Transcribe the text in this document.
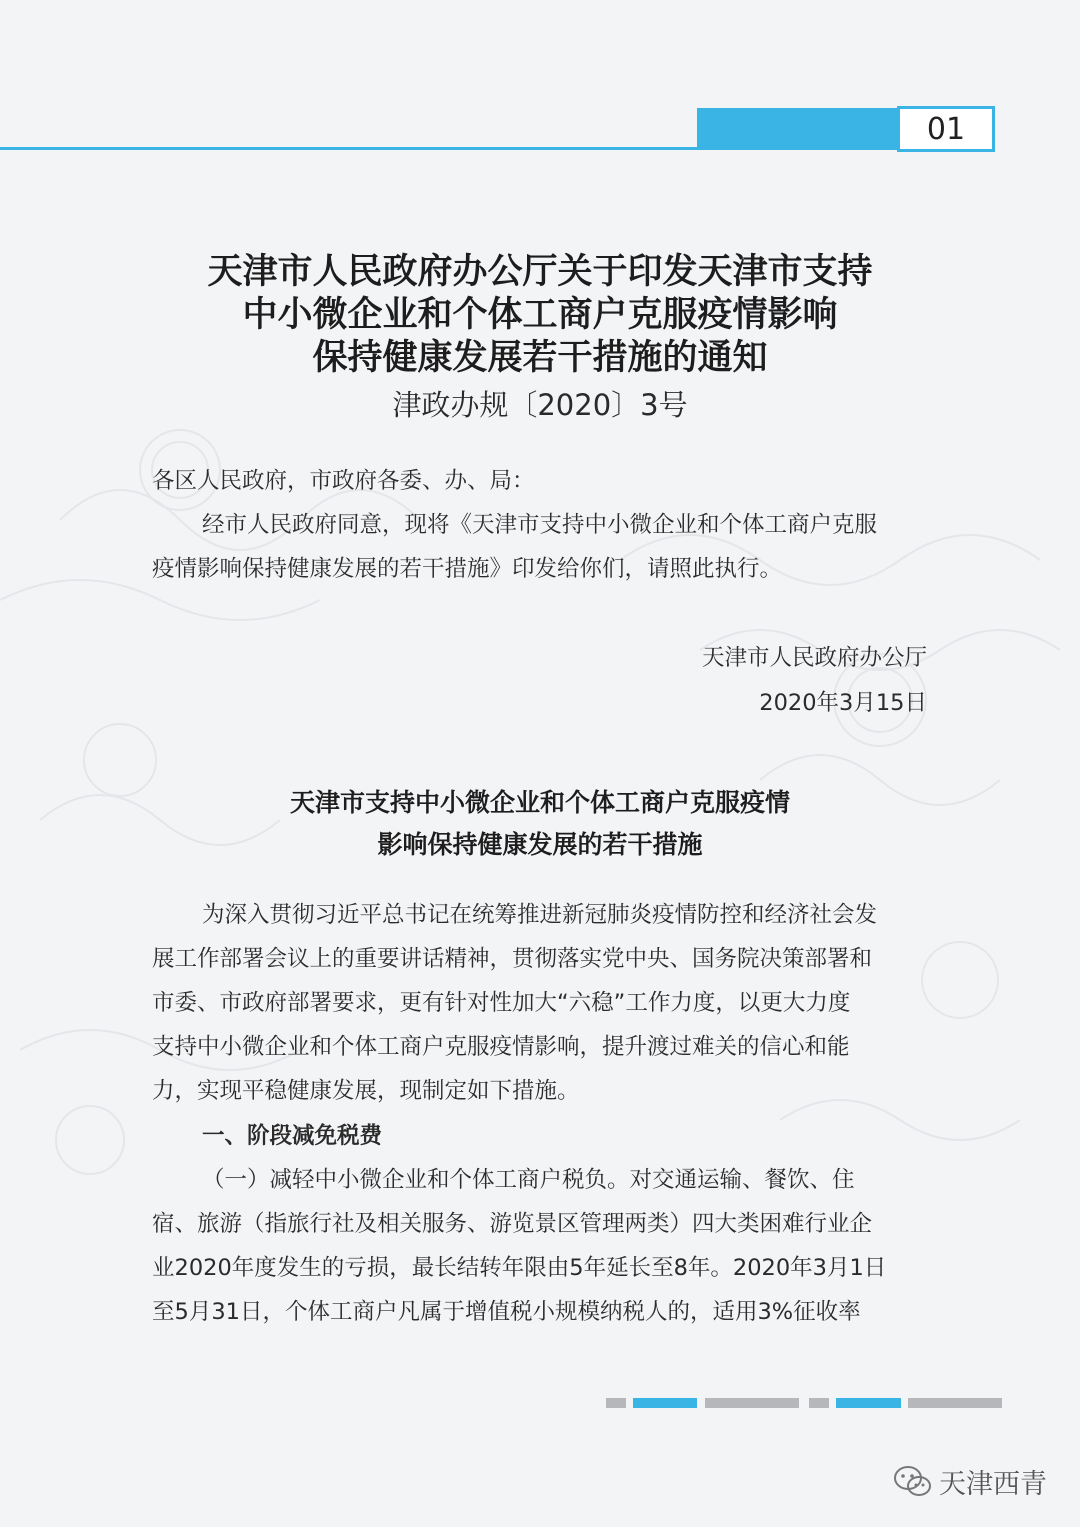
01
天津市人民政府办公厅关于印发天津市支持
中小微企业和个体工商户克服疫情影响
保持健康发展若干措施的通知
津政办规〔2020〕3号
各区人民政府，市政府各委、办、局：
经市人民政府同意，现将《天津市支持中小微企业和个体工商户克服
疫情影响保持健康发展的若干措施》印发给你们，请照此执行。
天津市人民政府办公厅
2020年3月15日
天津市支持中小微企业和个体工商户克服疫情
影响保持健康发展的若干措施
为深入贯彻习近平总书记在统筹推进新冠肺炎疫情防控和经济社会发
展工作部署会议上的重要讲话精神，贯彻落实党中央、国务院决策部署和
市委、市政府部署要求，更有针对性加大“六稳”工作力度，以更大力度
支持中小微企业和个体工商户克服疫情影响，提升渡过难关的信心和能
力，实现平稳健康发展，现制定如下措施。
一、阶段减免税费
（一）减轻中小微企业和个体工商户税负。对交通运输、餐饮、住
宿、旅游（指旅行社及相关服务、游览景区管理两类）四大类困难行业企
业2020年度发生的亏损，最长结转年限由5年延长至8年。2020年3月1日
至5月31日，个体工商户凡属于增值税小规模纳税人的，适用3%征收率
天津西青
